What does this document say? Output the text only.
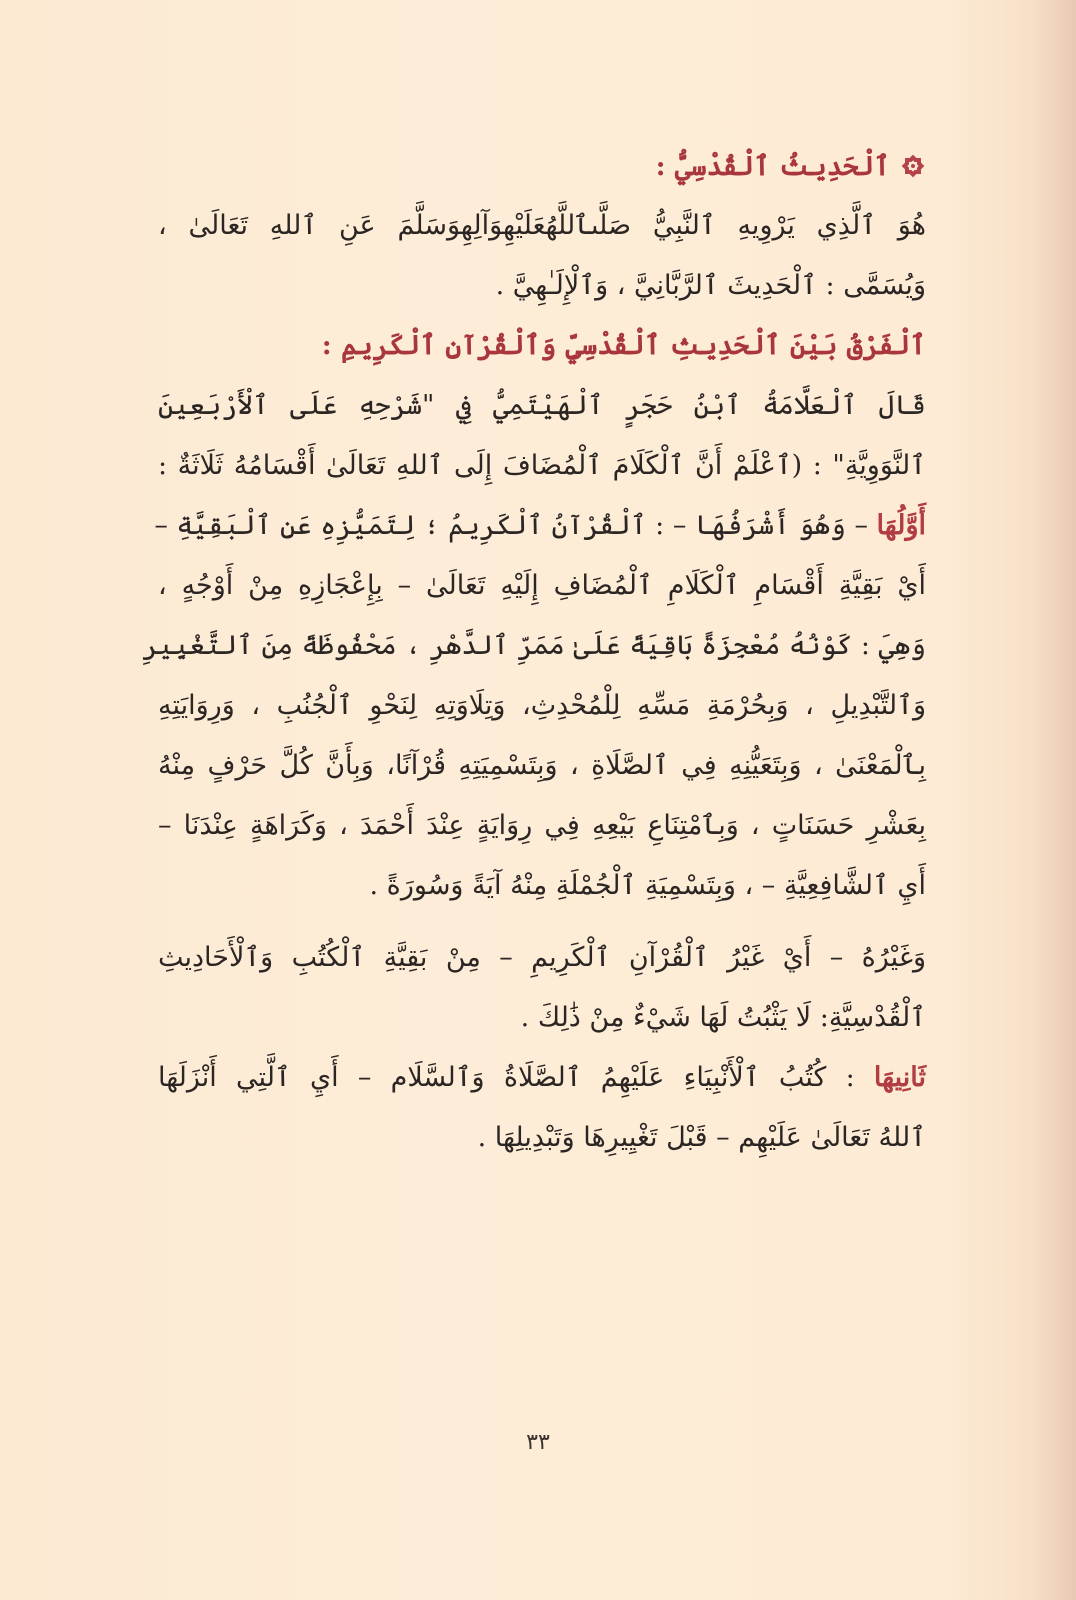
ٱلْحَدِيثُ ٱلْقُدْسِيُّ :
هُوَ ٱلَّذِي يَرْوِيهِ ٱلنَّبِيُّ صَلَّىٱللَّهُعَلَيْهِوَآلِهِوَسَلَّمَ عَنِ ٱللهِ تَعَالَىٰ ،
وَيُسَمَّى : ٱلْحَدِيثَ ٱلرَّبَّانِيَّ ، وَٱلْإِلَـٰهِيَّ .
ٱلْفَرْقُ بَيْنَ ٱلْحَدِيثِ ٱلْقُدْسِيِّ وَٱلْقُرْآنِ ٱلْكَرِيمِ :
قَالَ ٱلْعَلَّامَةُ ٱبْنُ حَجَرٍ ٱلْهَيْتَمِيُّ فِي "شَرْحِهِ عَلَى ٱلْأَرْبَعِينَ
ٱلنَّوَوِيَّةِ" : (ٱعْلَمْ أَنَّ ٱلْكَلَامَ ٱلْمُضَافَ إِلَى ٱللهِ تَعَالَىٰ أَقْسَامُهُ ثَلَاثَةٌ :
أَوَّلُهَا – وَهُوَ أَشْرَفُهَا – : ٱلْقُرْآنُ ٱلْكَرِيمُ ؛ لِتَمَيُّزِهِ عَنِ ٱلْبَقِيَّةِ –
أَيْ بَقِيَّةِ أَقْسَامِ ٱلْكَلَامِ ٱلْمُضَافِ إِلَيْهِ تَعَالَىٰ – بِإِعْجَازِهِ مِنْ أَوْجُهٍ ،
وَهِيَ : كَوْنُهُ مُعْجِزَةً بَاقِيَةً عَلَىٰ مَمَرِّ ٱلدَّهْرِ ، مَحْفُوظَةً مِنَ ٱلتَّغْيِيرِ
وَٱلتَّبْدِيلِ ، وَبِحُرْمَةِ مَسِّهِ لِلْمُحْدِثِ، وَتِلَاوَتِهِ لِنَحْوِ ٱلْجُنُبِ ، وَرِوَايَتِهِ
بِٱلْمَعْنَىٰ ، وَبِتَعَيُّنِهِ فِي ٱلصَّلَاةِ ، وَبِتَسْمِيَتِهِ قُرْآنًا، وَبِأَنَّ كُلَّ حَرْفٍ مِنْهُ
بِعَشْرِ حَسَنَاتٍ ، وَبِٱمْتِنَاعِ بَيْعِهِ فِي رِوَايَةٍ عِنْدَ أَحْمَدَ ، وَكَرَاهَةٍ عِنْدَنَا –
أَيِ ٱلشَّافِعِيَّةِ – ، وَبِتَسْمِيَةِ ٱلْجُمْلَةِ مِنْهُ آيَةً وَسُورَةً .
وَغَيْرُهُ – أَيْ غَيْرُ ٱلْقُرْآنِ ٱلْكَرِيمِ – مِنْ بَقِيَّةِ ٱلْكُتُبِ وَٱلْأَحَادِيثِ
ٱلْقُدْسِيَّةِ: لَا يَثْبُتُ لَهَا شَيْءٌ مِنْ ذَٰلِكَ .
ثَانِيهَا : كُتُبُ ٱلْأَنْبِيَاءِ عَلَيْهِمُ ٱلصَّلَاةُ وَٱلسَّلَام – أَيِ ٱلَّتِي أَنْزَلَهَا
ٱللهُ تَعَالَىٰ عَلَيْهِم – قَبْلَ تَغْيِيرِهَا وَتَبْدِيلِهَا .
٣٣
